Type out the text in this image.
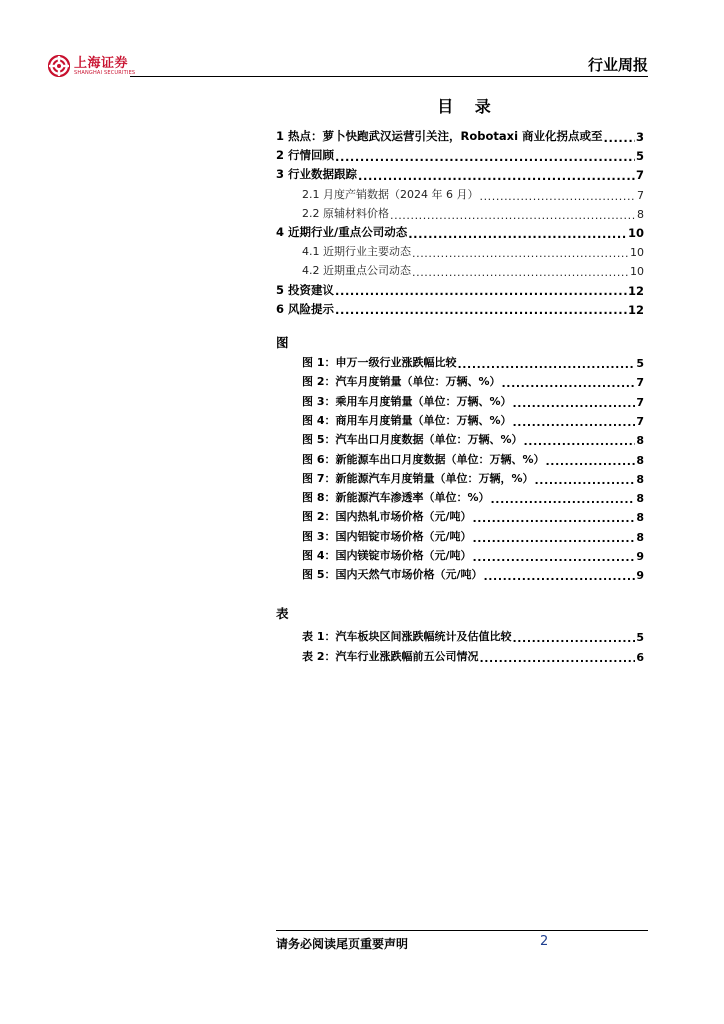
上海证券
SHANGHAI SECURITIES	行业周报
目 录
1 热点：萝卜快跑武汉运营引关注，Robotaxi 商业化拐点或至 .....	3
2 行情回顾 .....	5
3 行业数据跟踪 .....	7
2.1 月度产销数据（2024 年 6 月） .....	7
2.2 原辅材料价格 .....	8
4 近期行业/重点公司动态 .....	10
4.1 近期行业主要动态 .....	10
4.2 近期重点公司动态 .....	10
5 投资建议 .....	12
6 风险提示 .....	12
图
图 1：申万一级行业涨跌幅比较 .....	5
图 2：汽车月度销量（单位：万辆、%） .....	7
图 3：乘用车月度销量（单位：万辆、%） .....	7
图 4：商用车月度销量（单位：万辆、%） .....	7
图 5：汽车出口月度数据（单位：万辆、%） .....	8
图 6：新能源车出口月度数据（单位：万辆、%） .....	8
图 7：新能源汽车月度销量（单位：万辆，%） .....	8
图 8：新能源汽车渗透率（单位：%） .....	8
图 2：国内热轧市场价格（元/吨） .....	8
图 3：国内铝锭市场价格（元/吨） .....	8
图 4：国内镁锭市场价格（元/吨） .....	9
图 5：国内天然气市场价格（元/吨） .....	9
表
表 1：汽车板块区间涨跌幅统计及估值比较 .....	5
表 2：汽车行业涨跌幅前五公司情况 .....	6
请务必阅读尾页重要声明	2
